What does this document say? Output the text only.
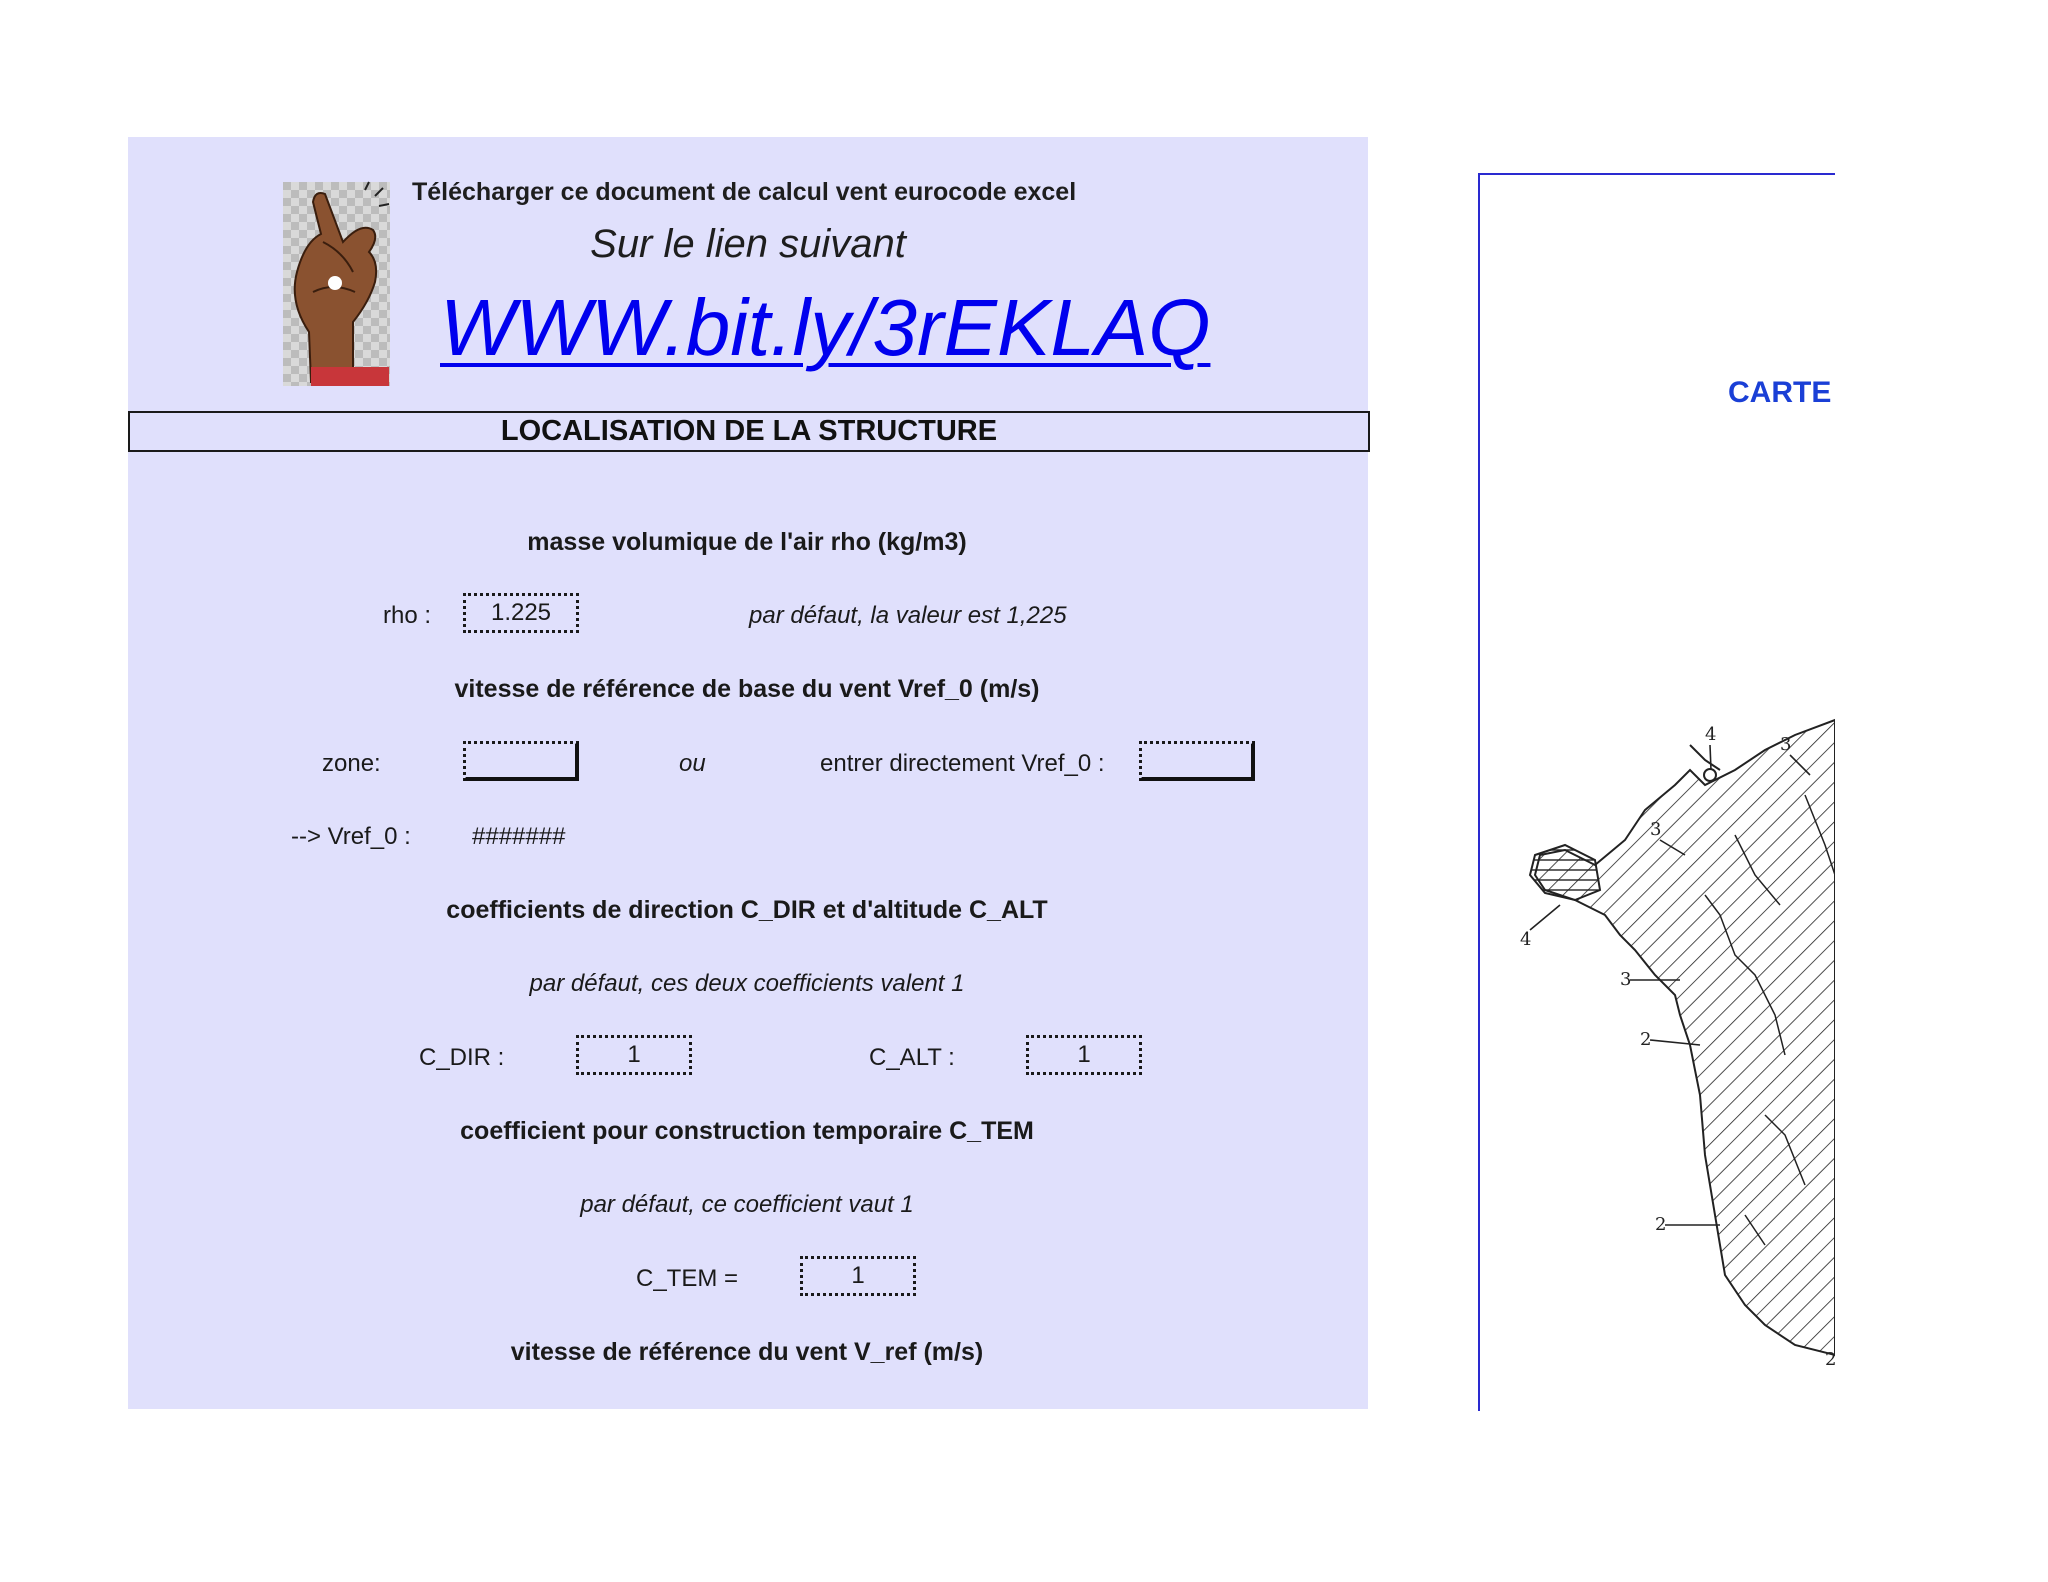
Télécharger ce document de calcul vent eurocode excel
Sur le lien suivant
WWW.bit.ly/3rEKLAQ
LOCALISATION DE LA STRUCTURE
masse volumique de l'air rho (kg/m3)
rho :	1.225	par défaut, la valeur est 1,225
vitesse de référence de base du vent Vref_0 (m/s)
zone:	ou	entrer directement Vref_0 :
--> Vref_0 :	#######
coefficients de direction C_DIR et d'altitude C_ALT
par défaut, ces deux coefficients valent 1
C_DIR :	1	C_ALT :	1
coefficient pour construction temporaire C_TEM
par défaut, ce coefficient vaut 1
C_TEM =	1
vitesse de référence du vent V_ref (m/s)
CARTE
4	3
3
4
3
2
2
2
